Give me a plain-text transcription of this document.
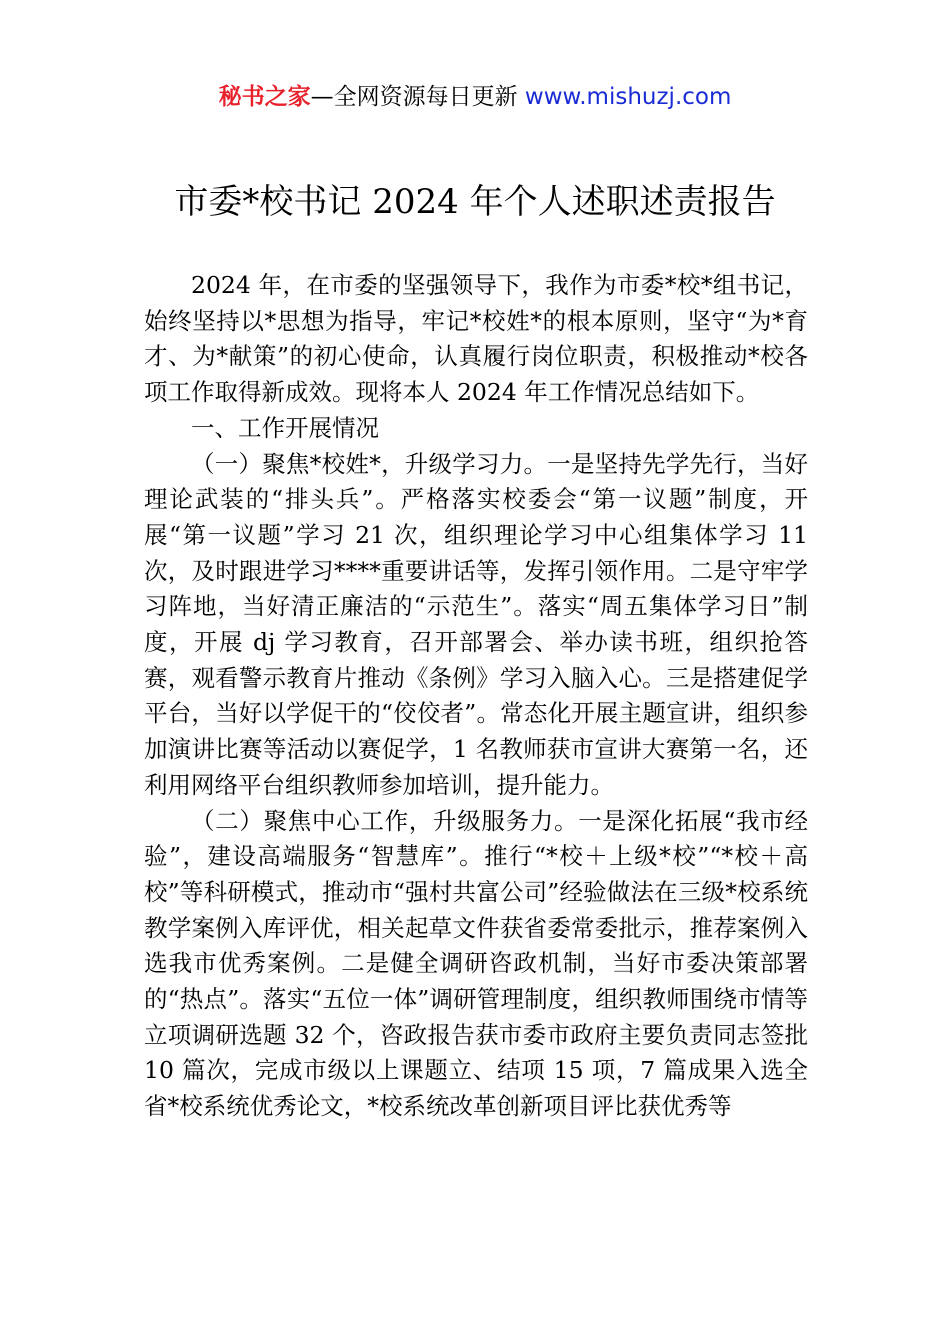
秘书之家—全网资源每日更新 www.mishuzj.com
市委*校书记 2024 年个人述职述责报告

2024 年，在市委的坚强领导下，我作为市委*校*组书记，始终坚持以*思想为指导，牢记*校姓*的根本原则，坚守“为*育才、为*献策”的初心使命，认真履行岗位职责，积极推动*校各项工作取得新成效。现将本人 2024 年工作情况总结如下。

一、工作开展情况

（一）聚焦*校姓*，升级学习力。一是坚持先学先行，当好理论武装的“排头兵”。严格落实校委会“第一议题”制度，开展“第一议题”学习 21 次，组织理论学习中心组集体学习 11 次，及时跟进学习****重要讲话等，发挥引领作用。二是守牢学习阵地，当好清正廉洁的“示范生”。落实“周五集体学习日”制度，开展 dj 学习教育，召开部署会、举办读书班，组织抢答赛，观看警示教育片推动《条例》学习入脑入心。三是搭建促学平台，当好以学促干的“佼佼者”。常态化开展主题宣讲，组织参加演讲比赛等活动以赛促学，1 名教师获市宣讲大赛第一名，还利用网络平台组织教师参加培训，提升能力。

（二）聚焦中心工作，升级服务力。一是深化拓展“我市经验”，建设高端服务“智慧库”。推行“*校＋上级*校”“*校＋高校”等科研模式，推动市“强村共富公司”经验做法在三级*校系统教学案例入库评优，相关起草文件获省委常委批示，推荐案例入选我市优秀案例。二是健全调研咨政机制，当好市委决策部署的“热点”。落实“五位一体”调研管理制度，组织教师围绕市情等立项调研选题 32 个，咨政报告获市委市政府主要负责同志签批 10 篇次，完成市级以上课题立、结项 15 项，7 篇成果入选全省*校系统优秀论文，*校系统改革创新项目评比获优秀等
